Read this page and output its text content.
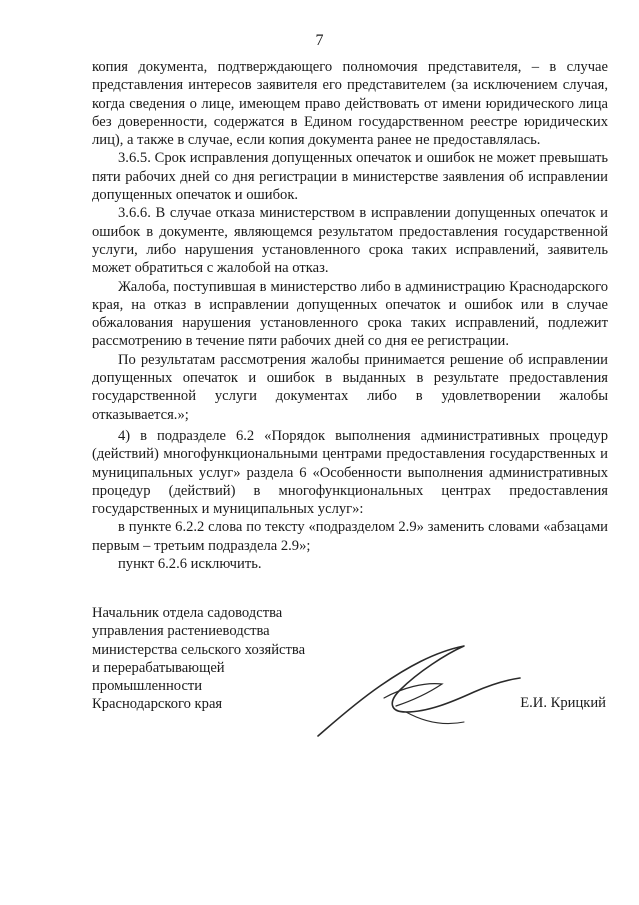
7

копия документа, подтверждающего полномочия представителя, – в случае представления интересов заявителя его представителем (за исключением случая, когда сведения о лице, имеющем право действовать от имени юридического лица без доверенности, содержатся в Едином государственном реестре юридических лиц), а также в случае, если копия документа ранее не предоставлялась.

3.6.5. Срок исправления допущенных опечаток и ошибок не может превышать пяти рабочих дней со дня регистрации в министерстве заявления об исправлении допущенных опечаток и ошибок.

3.6.6. В случае отказа министерством в исправлении допущенных опечаток и ошибок в документе, являющемся результатом предоставления государственной услуги, либо нарушения установленного срока таких исправлений, заявитель может обратиться с жалобой на отказ.

Жалоба, поступившая в министерство либо в администрацию Краснодарского края, на отказ в исправлении допущенных опечаток и ошибок или в случае обжалования нарушения установленного срока таких исправлений, подлежит рассмотрению в течение пяти рабочих дней со дня ее регистрации.

По результатам рассмотрения жалобы принимается решение об исправлении допущенных опечаток и ошибок в выданных в результате предоставления государственной услуги документах либо в удовлетворении жалобы отказывается.»;

4) в подразделе 6.2 «Порядок выполнения административных процедур (действий) многофункциональными центрами предоставления государственных и муниципальных услуг» раздела 6 «Особенности выполнения административных процедур (действий) в многофункциональных центрах предоставления государственных и муниципальных услуг»:

в пункте 6.2.2 слова по тексту «подразделом 2.9» заменить словами «абзацами первым – третьим подраздела 2.9»;

пункт 6.2.6 исключить.

Начальник отдела садоводства
управления растениеводства
министерства сельского хозяйства
и перерабатывающей
промышленности
Краснодарского края	Е.И. Крицкий
